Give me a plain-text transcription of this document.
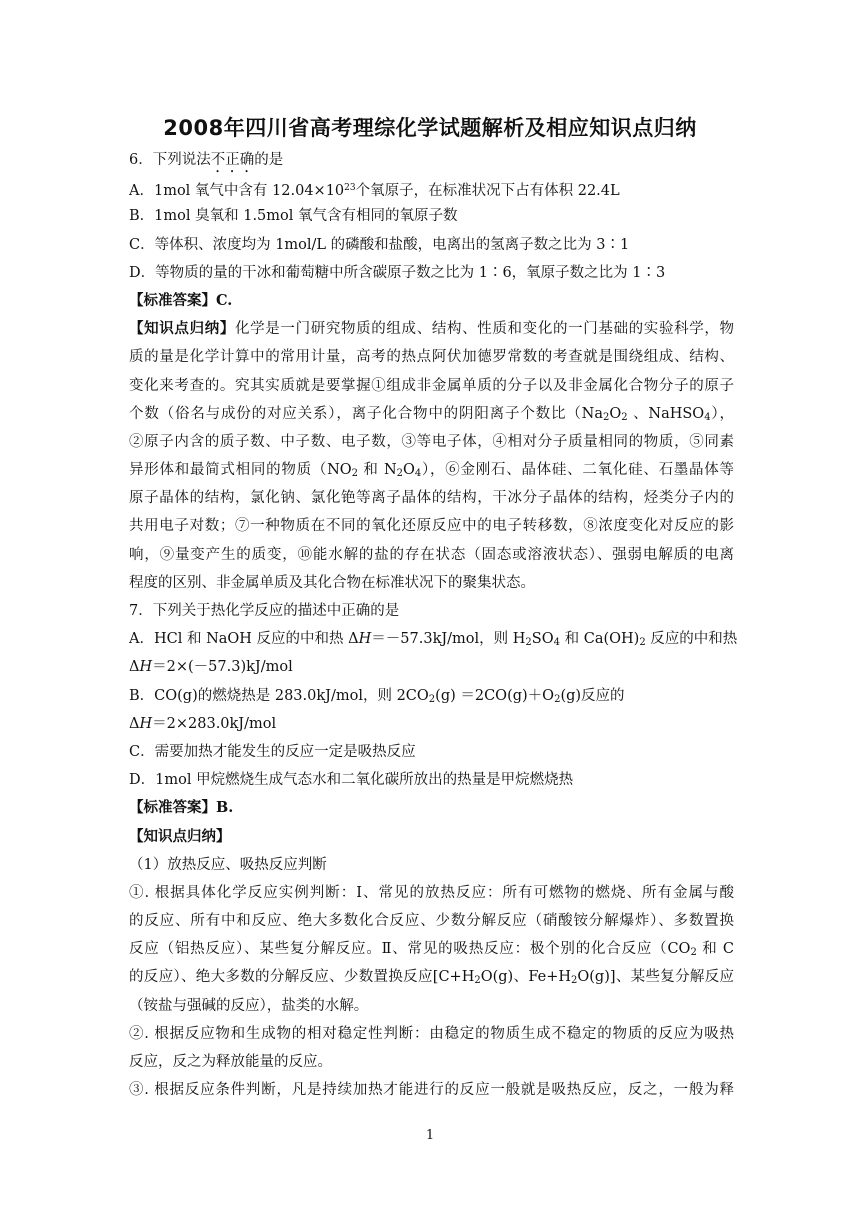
2008年四川省高考理综化学试题解析及相应知识点归纳
6．下列说法不正确的是
A．1mol 氧气中含有 $12.04\times 10^{23}$个氧原子，在标准状况下占有体积 22.4L
B．1mol 臭氧和 1.5mol 氧气含有相同的氧原子数
C．等体积、浓度均为 1mol/L 的磷酸和盐酸，电离出的氢离子数之比为 3∶1
D．等物质的量的干冰和葡萄糖中所含碳原子数之比为 1∶6，氧原子数之比为 1∶3
【标准答案】C.
【知识点归纳】化学是一门研究物质的组成、结构、性质和变化的一门基础的实验科学，物
质的量是化学计算中的常用计量，高考的热点阿伏加德罗常数的考查就是围绕组成、结构、
变化来考查的。究其实质就是要掌握①组成非金属单质的分子以及非金属化合物分子的原子
个数（俗名与成份的对应关系），离子化合物中的阴阳离子个数比（$Na_2O_2$ 、NaHSO$_4$），
②原子内含的质子数、中子数、电子数，③等电子体，④相对分子质量相同的物质，⑤同素
异形体和最简式相同的物质（$NO_2$ 和 $N_2O_4$），⑥金刚石、晶体硅、二氧化硅、石墨晶体等
原子晶体的结构，氯化钠、氯化铯等离子晶体的结构，干冰分子晶体的结构，烃类分子内的
共用电子对数；⑦一种物质在不同的氧化还原反应中的电子转移数，⑧浓度变化对反应的影
响，⑨量变产生的质变，⑩能水解的盐的存在状态（固态或溶液状态）、强弱电解质的电离
程度的区别、非金属单质及其化合物在标准状况下的聚集状态。
7．下列关于热化学反应的描述中正确的是
A．HCl 和 NaOH 反应的中和热 ΔH＝－57.3kJ/mol，则 $H_2SO_4$ 和 $Ca(OH)_2$ 反应的中和热
ΔH＝2×(－57.3)kJ/mol
B．CO(g)的燃烧热是 283.0kJ/mol，则 $2CO_2(g) =2CO(g)+O_2(g)$反应的
ΔH＝2×283.0kJ/mol
C．需要加热才能发生的反应一定是吸热反应
D．1mol 甲烷燃烧生成气态水和二氧化碳所放出的热量是甲烷燃烧热
【标准答案】B.
【知识点归纳】
（1）放热反应、吸热反应判断
①. 根据具体化学反应实例判断：Ⅰ、常见的放热反应：所有可燃物的燃烧、所有金属与酸
的反应、所有中和反应、绝大多数化合反应、少数分解反应（硝酸铵分解爆炸）、多数置换
反应（铝热反应）、某些复分解反应。Ⅱ、常见的吸热反应：极个别的化合反应（$CO_2$ 和 C
的反应）、绝大多数的分解反应、少数置换反应[$C+H_2O(g)$、$Fe+H_2O(g)$]、某些复分解反应
（铵盐与强碱的反应），盐类的水解。
②. 根据反应物和生成物的相对稳定性判断：由稳定的物质生成不稳定的物质的反应为吸热
反应，反之为释放能量的反应。
③. 根据反应条件判断，凡是持续加热才能进行的反应一般就是吸热反应，反之，一般为释
1
